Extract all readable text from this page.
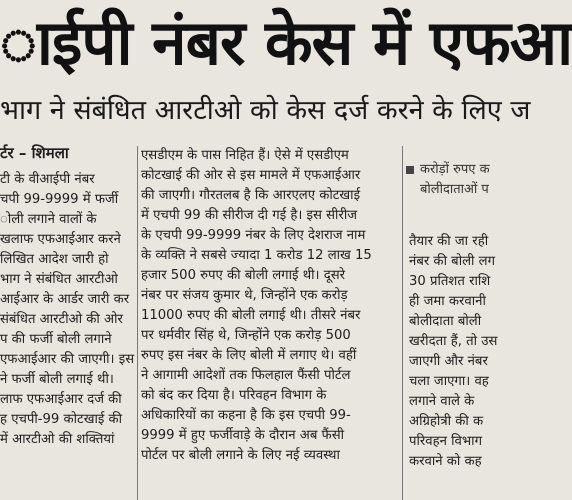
ाईपी नंबर केस में एफआ
भाग ने संबंधित आरटीओ को केस दर्ज करने के लिए ज
र्टर – शिमला

टी के वीआईपी नंबर

चपी 99-9999 में फर्जी

ोली लगाने वालों के

खलाफ एफआईआर करने

लिखित आदेश जारी हो

भाग ने संबंधित आरटीओ

आईआर के आर्डर जारी कर

संबंधित आरटीओ की ओर

प की फर्जी बोली लगाने

एफआईआर की जाएगी। इस

ने फर्जी बोली लगाई थी।

लाफ एफआईआर दर्ज की

ह एचपी-99 कोटखाई की

में आरटीओ की शक्तियां

एसडीएम के पास निहित हैं। ऐसे में एसडीएम

कोटखाई की ओर से इस मामले में एफआईआर

की जाएगी। गौरतलब है कि आरएलए कोटखाई

में एचपी 99 की सीरीज दी गई है। इस सीरीज

के एचपी 99-9999 नंबर के लिए देशराज नाम

के व्यक्ति ने सबसे ज्यादा 1 करोड 12 लाख 15

हजार 500 रुपए की बोली लगाई थी। दूसरे

नंबर पर संजय कुमार थे, जिन्होंने एक करोड़

11000 रुपए की बोली लगाई थी। तीसरे नंबर

पर धर्मवीर सिंह थे, जिन्होंने एक करोड़ 500

रुपए इस नंबर के लिए बोली में लगाए थे। वहीं

ने आगामी आदेशों तक फिलहाल फैंसी पोर्टल

को बंद कर दिया है। परिवहन विभाग के

अधिकारियों का कहना है कि इस एचपी 99-

9999 में हुए फर्जीवाड़े के दौरान अब फैंसी

पोर्टल पर बोली लगाने के लिए नई व्यवस्था

करोड़ों रुपए क
बोलीदाताओं प

तैयार की जा रही

नंबर की बोली लग

30 प्रतिशत राशि

ही जमा करवानी

बोलीदाता बोली

खरीदता हैं, तो उस

जाएगी और नंबर

चला जाएगा। वह

लगाने वाले के

अग्रिहोत्री की क

परिवहन विभाग

करवाने को कह
